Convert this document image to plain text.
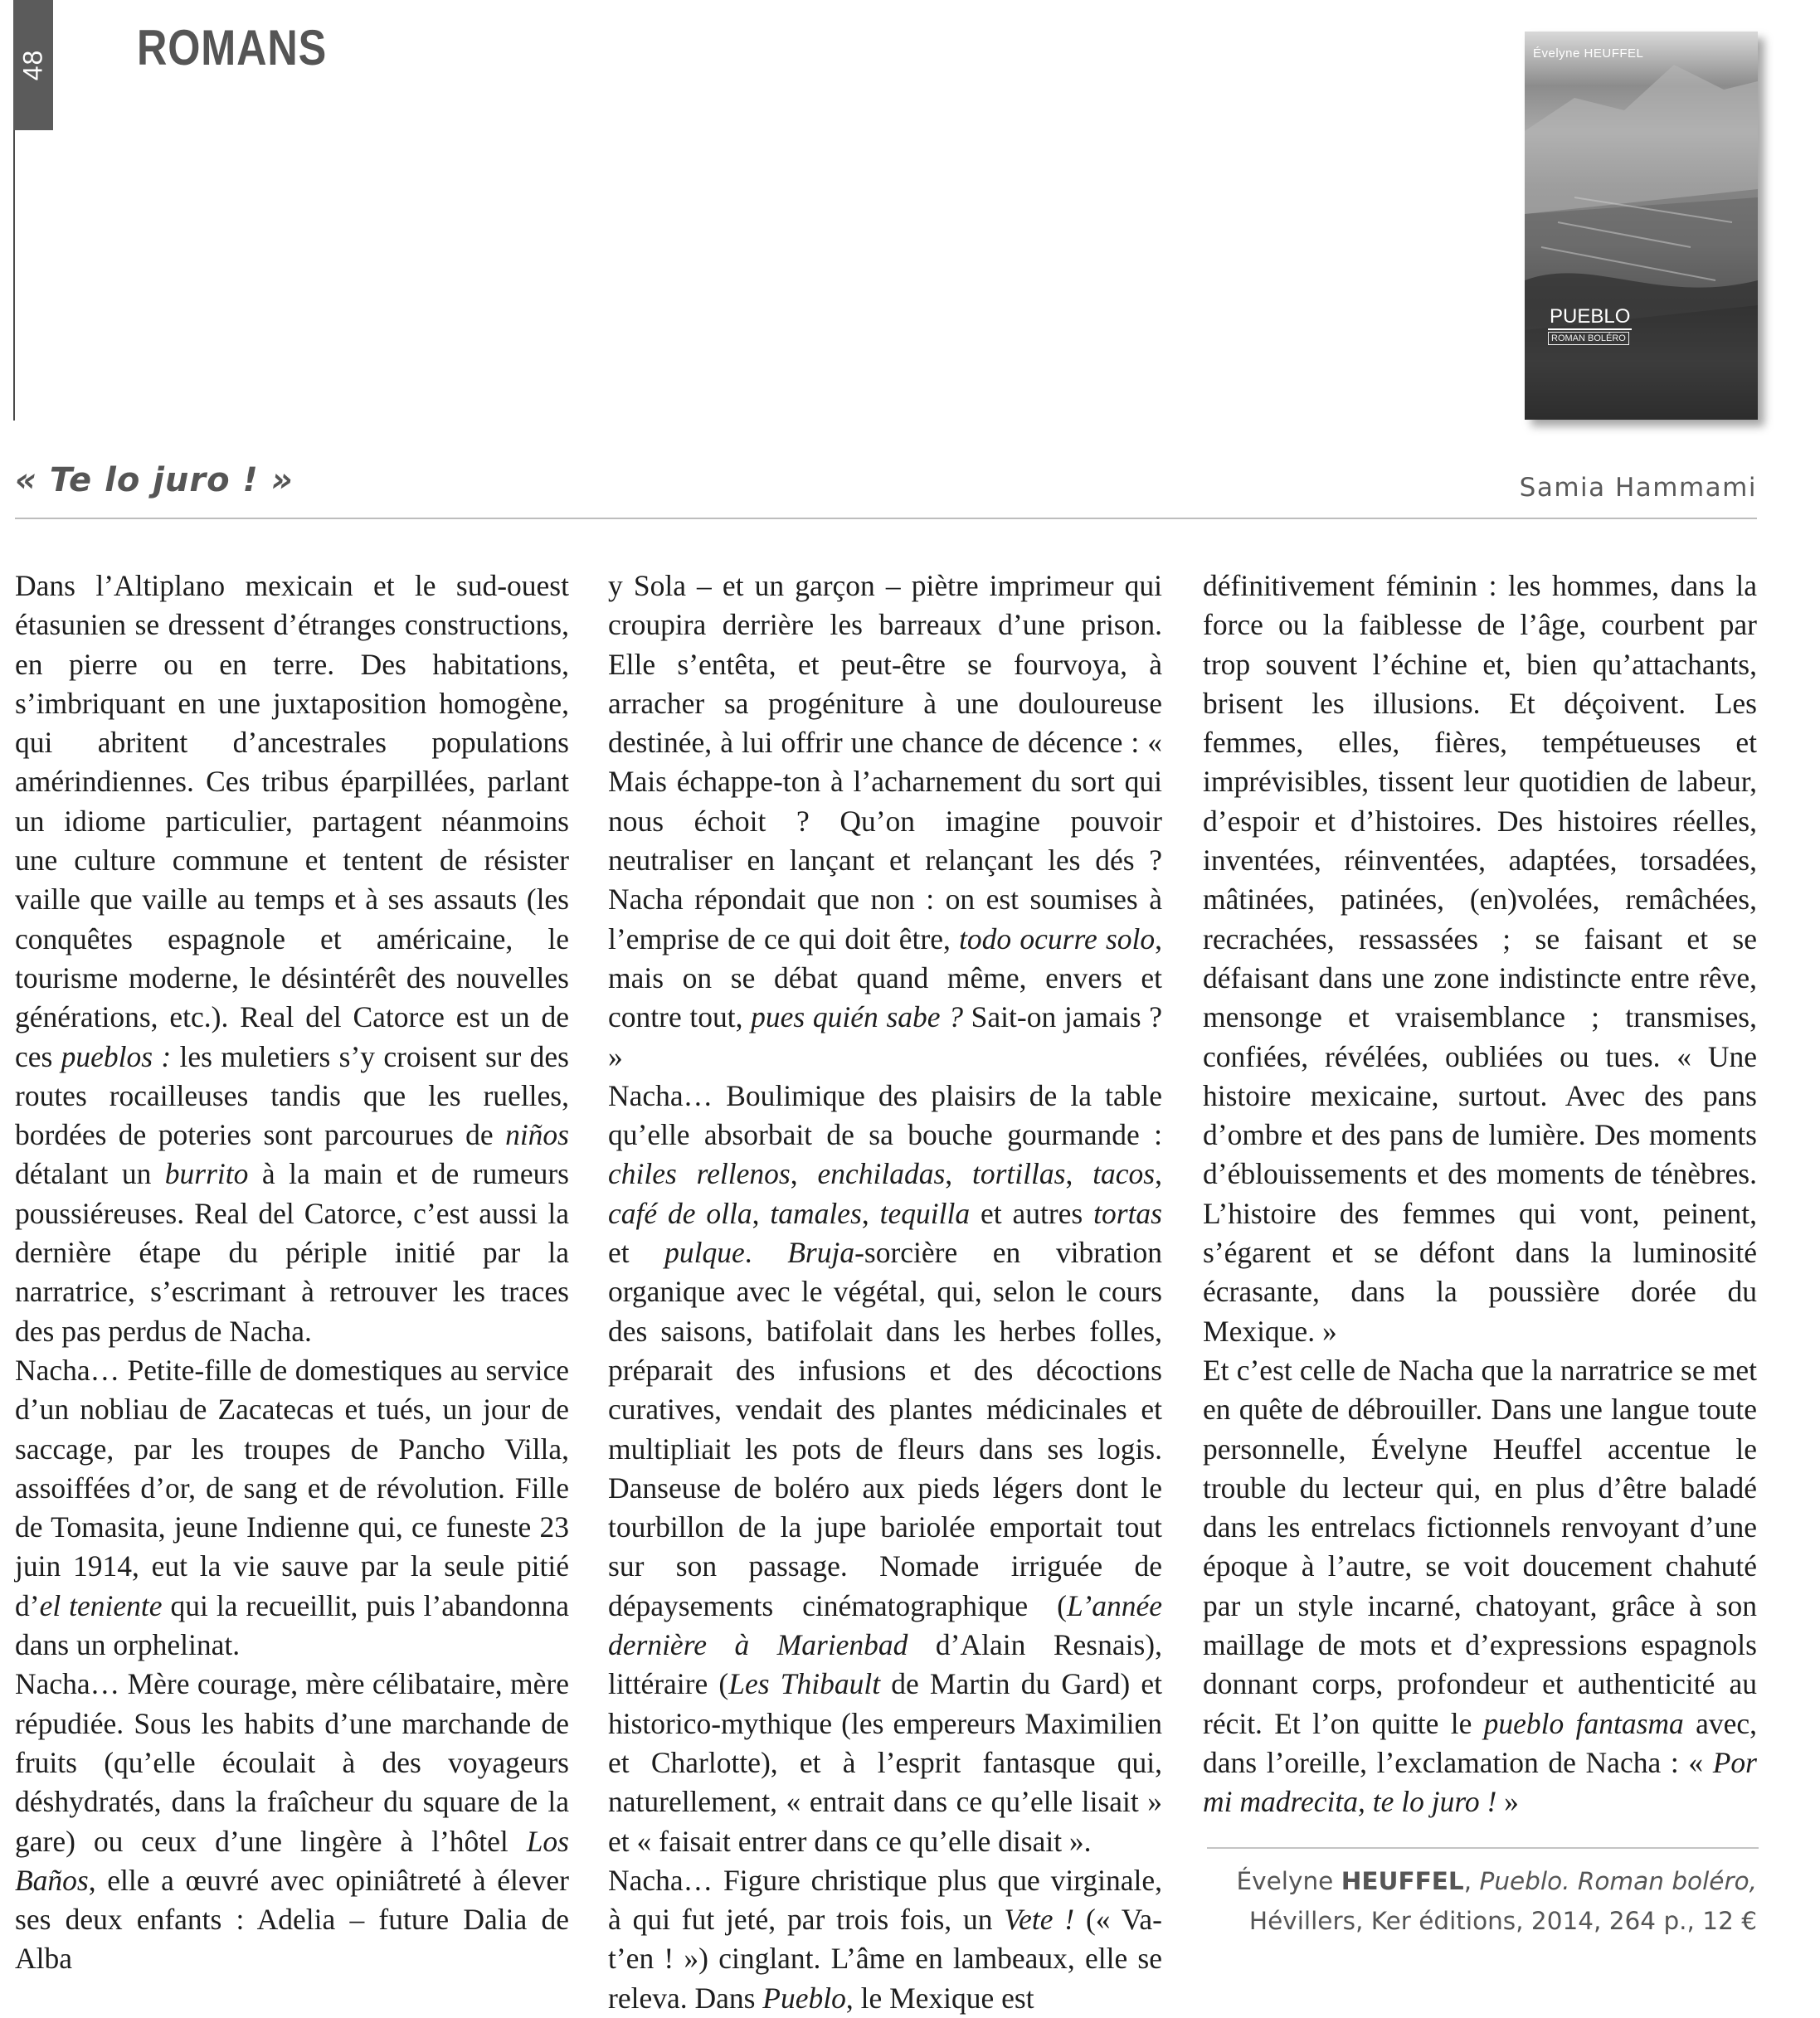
48 ROMANS	Évelyne HEUFFEL
PUEBLO
ROMAN BOLÉRO
« Te lo juro ! »	Samia Hammami

Dans l’Altiplano mexicain et le sud-ouest étasunien se dressent d’étranges constructions, en pierre ou en terre. Des habitations, s’imbriquant en une juxtaposition homogène, qui abritent d’ancestrales populations amérindiennes. Ces tribus éparpillées, parlant un idiome particulier, partagent néanmoins une culture commune et tentent de résister vaille que vaille au temps et à ses assauts (les conquêtes espagnole et américaine, le tourisme moderne, le désintérêt des nouvelles générations, etc.). Real del Catorce est un de ces pueblos : les muletiers s’y croisent sur des routes rocailleuses tandis que les ruelles, bordées de poteries sont parcourues de niños détalant un burrito à la main et de rumeurs poussiéreuses. Real del Catorce, c’est aussi la dernière étape du périple initié par la narratrice, s’escrimant à retrouver les traces des pas perdus de Nacha.

Nacha… Petite-fille de domestiques au service d’un nobliau de Zacatecas et tués, un jour de saccage, par les troupes de Pancho Villa, assoiffées d’or, de sang et de révolution. Fille de Tomasita, jeune Indienne qui, ce funeste 23 juin 1914, eut la vie sauve par la seule pitié d’el teniente qui la recueillit, puis l’abandonna dans un orphelinat.

Nacha… Mère courage, mère célibataire, mère répudiée. Sous les habits d’une marchande de fruits (qu’elle écoulait à des voyageurs déshydratés, dans la fraîcheur du square de la gare) ou ceux d’une lingère à l’hôtel Los Baños, elle a œuvré avec opiniâtreté à élever ses deux enfants : Adelia – future Dalia de Alba

y Sola – et un garçon – piètre imprimeur qui croupira derrière les barreaux d’une prison. Elle s’entêta, et peut-être se fourvoya, à arracher sa progéniture à une douloureuse destinée, à lui offrir une chance de décence : « Mais échappe-ton à l’acharnement du sort qui nous échoit ? Qu’on imagine pouvoir neutraliser en lançant et relançant les dés ? Nacha répondait que non : on est soumises à l’emprise de ce qui doit être, todo ocurre solo, mais on se débat quand même, envers et contre tout, pues quién sabe ? Sait-on jamais ? »

Nacha… Boulimique des plaisirs de la table qu’elle absorbait de sa bouche gourmande : chiles rellenos, enchiladas, tortillas, tacos, café de olla, tamales, tequilla et autres tortas et pulque. Bruja-sorcière en vibration organique avec le végétal, qui, selon le cours des saisons, batifolait dans les herbes folles, préparait des infusions et des décoctions curatives, vendait des plantes médicinales et multipliait les pots de fleurs dans ses logis. Danseuse de boléro aux pieds légers dont le tourbillon de la jupe bariolée emportait tout sur son passage. Nomade irriguée de dépaysements cinématographique (L’année dernière à Marienbad d’Alain Resnais), littéraire (Les Thibault de Martin du Gard) et historico-mythique (les empereurs Maximilien et Charlotte), et à l’esprit fantasque qui, naturellement, « entrait dans ce qu’elle lisait » et « faisait entrer dans ce qu’elle disait ».

Nacha… Figure christique plus que virginale, à qui fut jeté, par trois fois, un Vete ! (« Va-t’en ! ») cinglant. L’âme en lambeaux, elle se releva. Dans Pueblo, le Mexique est

définitivement féminin : les hommes, dans la force ou la faiblesse de l’âge, courbent par trop souvent l’échine et, bien qu’attachants, brisent les illusions. Et déçoivent. Les femmes, elles, fières, tempétueuses et imprévisibles, tissent leur quotidien de labeur, d’espoir et d’histoires. Des histoires réelles, inventées, réinventées, adaptées, torsadées, mâtinées, patinées, (en)volées, remâchées, recrachées, ressassées ; se faisant et se défaisant dans une zone indistincte entre rêve, mensonge et vraisemblance ; transmises, confiées, révélées, oubliées ou tues. « Une histoire mexicaine, surtout. Avec des pans d’ombre et des pans de lumière. Des moments d’éblouissements et des moments de ténèbres. L’histoire des femmes qui vont, peinent, s’égarent et se défont dans la luminosité écrasante, dans la poussière dorée du Mexique. »

Et c’est celle de Nacha que la narratrice se met en quête de débrouiller. Dans une langue toute personnelle, Évelyne Heuffel accentue le trouble du lecteur qui, en plus d’être baladé dans les entrelacs fictionnels renvoyant d’une époque à l’autre, se voit doucement chahuté par un style incarné, chatoyant, grâce à son maillage de mots et d’expressions espagnols donnant corps, profondeur et authenticité au récit. Et l’on quitte le pueblo fantasma avec, dans l’oreille, l’exclamation de Nacha : « Por mi madrecita, te lo juro ! »

Évelyne HEUFFEL, Pueblo. Roman boléro,
Hévillers, Ker éditions, 2014, 264 p., 12 €
